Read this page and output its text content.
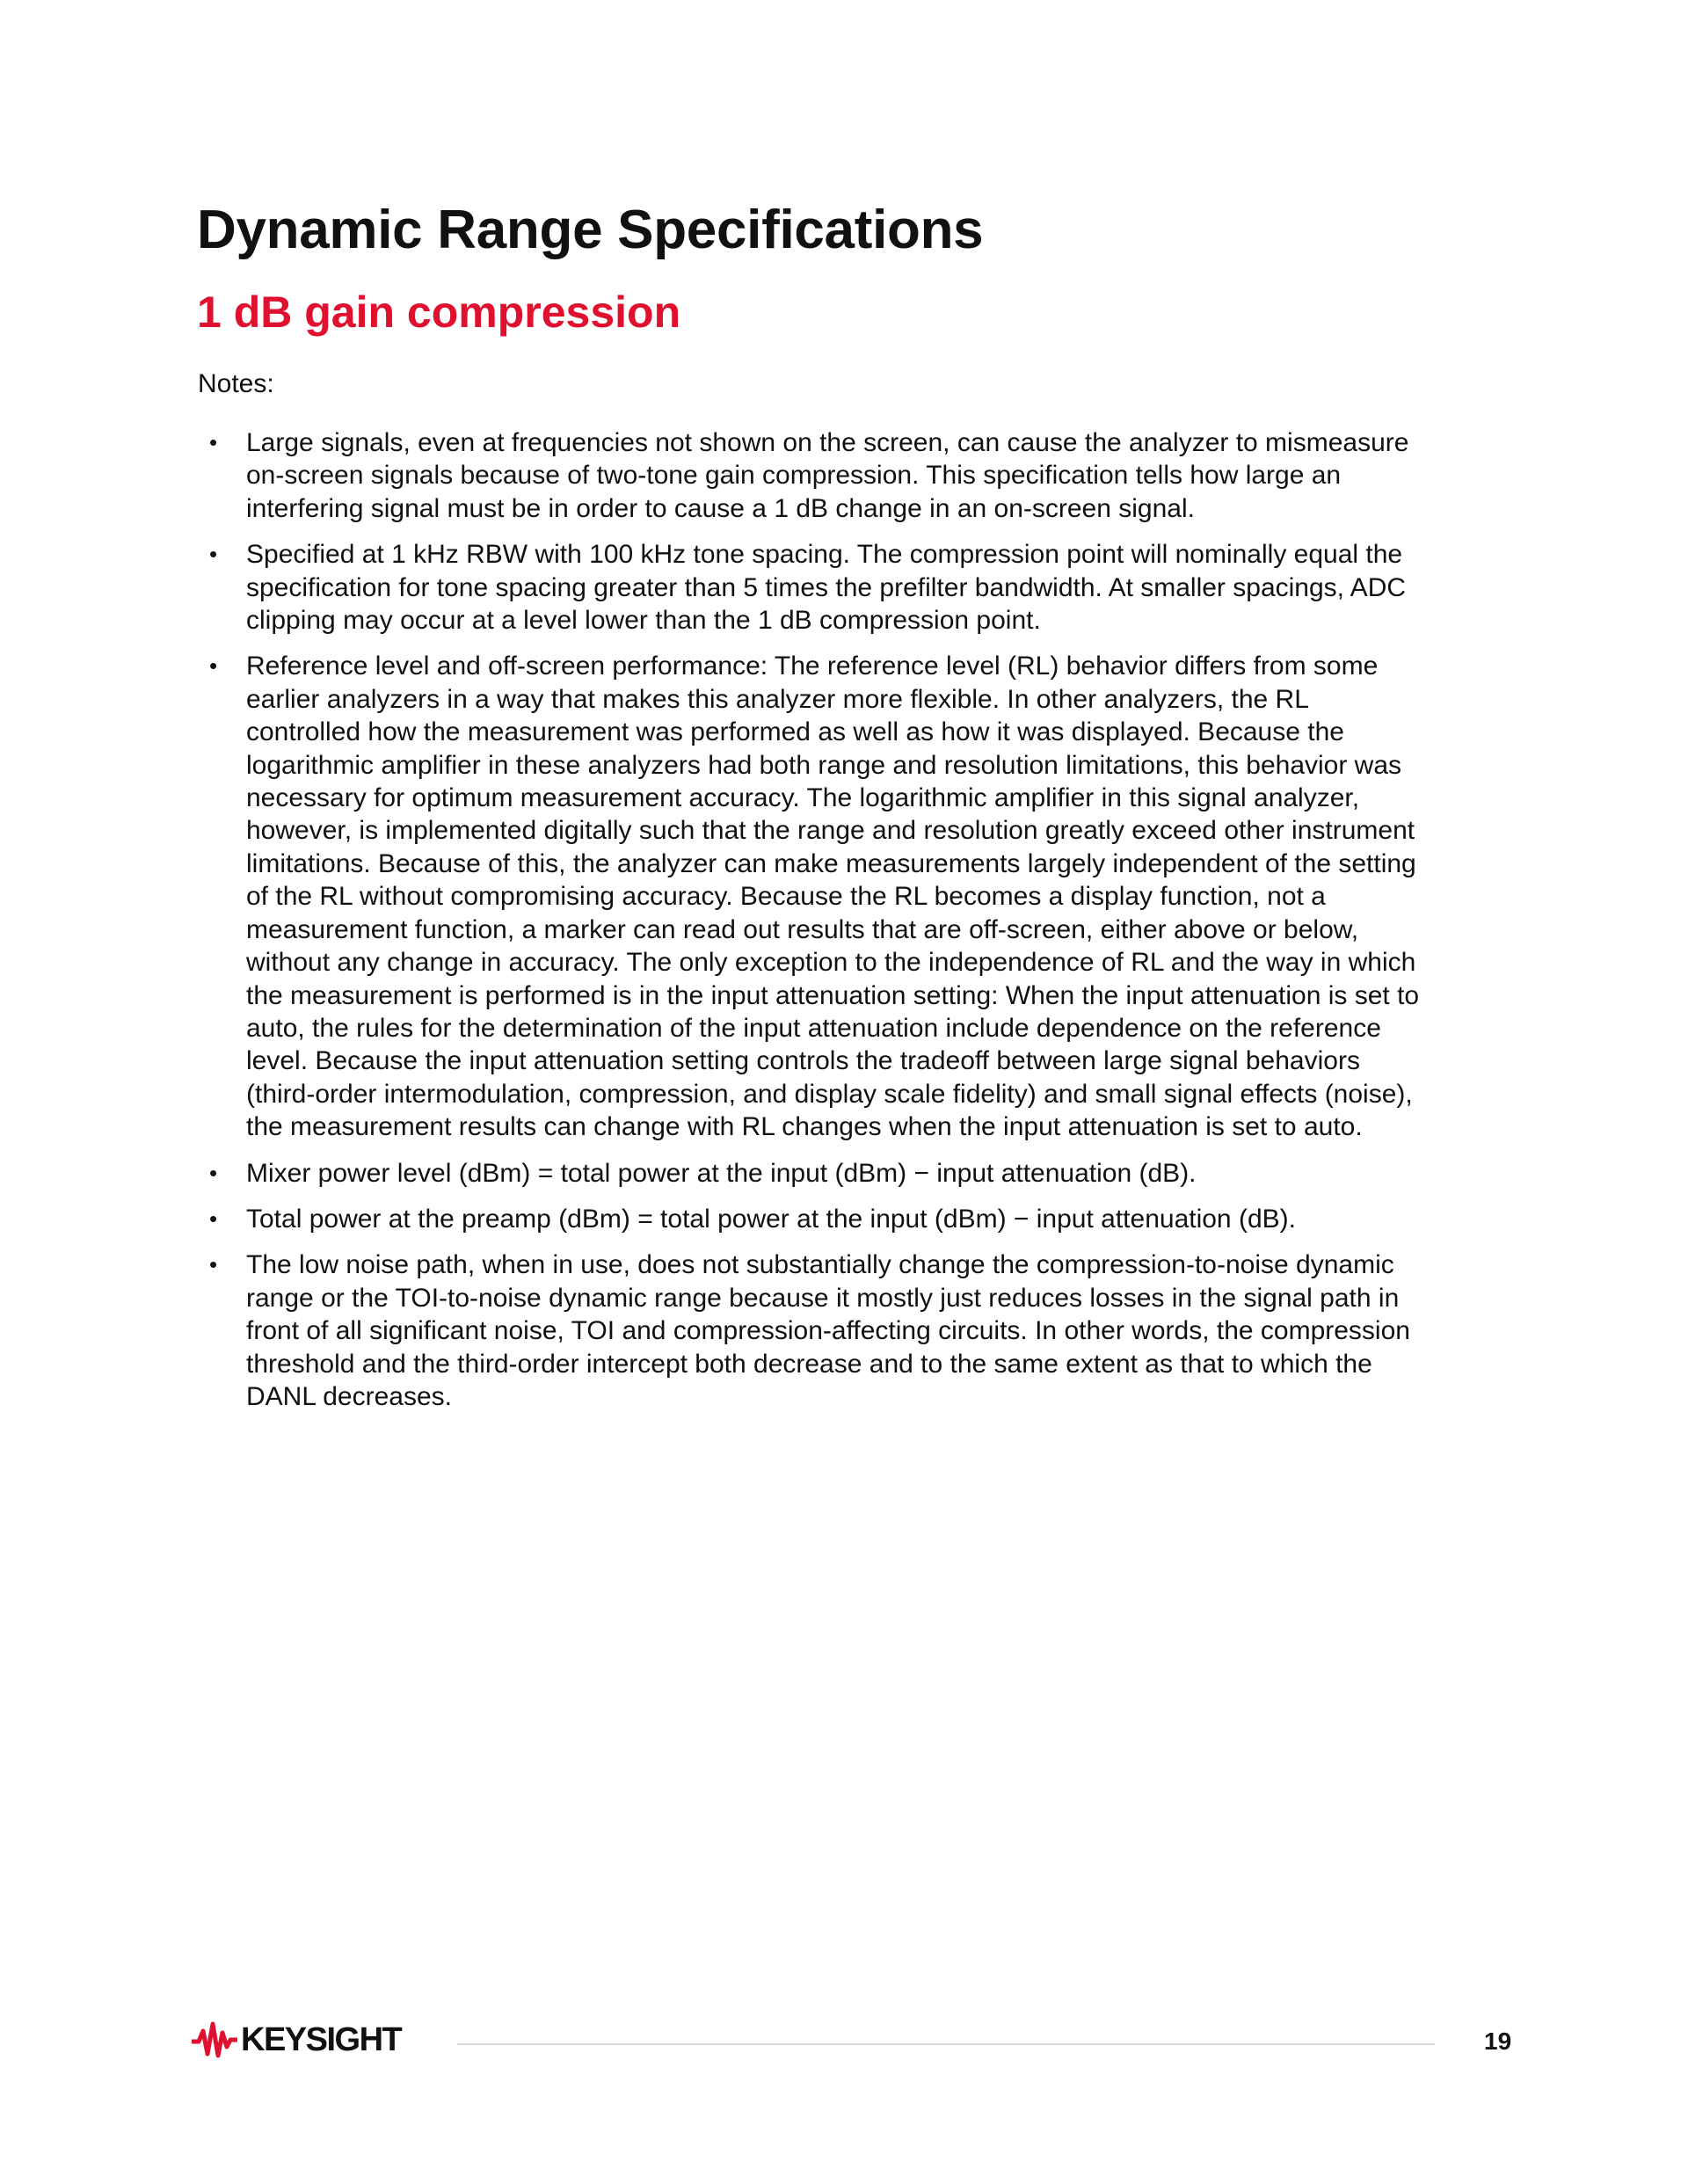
Dynamic Range Specifications
1 dB gain compression
Notes:
• Large signals, even at frequencies not shown on the screen, can cause the analyzer to mismeasure
on-screen signals because of two-tone gain compression. This specification tells how large an
interfering signal must be in order to cause a 1 dB change in an on-screen signal.
• Specified at 1 kHz RBW with 100 kHz tone spacing. The compression point will nominally equal the
specification for tone spacing greater than 5 times the prefilter bandwidth. At smaller spacings, ADC
clipping may occur at a level lower than the 1 dB compression point.
• Reference level and off-screen performance: The reference level (RL) behavior differs from some
earlier analyzers in a way that makes this analyzer more flexible. In other analyzers, the RL
controlled how the measurement was performed as well as how it was displayed. Because the
logarithmic amplifier in these analyzers had both range and resolution limitations, this behavior was
necessary for optimum measurement accuracy. The logarithmic amplifier in this signal analyzer,
however, is implemented digitally such that the range and resolution greatly exceed other instrument
limitations. Because of this, the analyzer can make measurements largely independent of the setting
of the RL without compromising accuracy. Because the RL becomes a display function, not a
measurement function, a marker can read out results that are off-screen, either above or below,
without any change in accuracy. The only exception to the independence of RL and the way in which
the measurement is performed is in the input attenuation setting: When the input attenuation is set to
auto, the rules for the determination of the input attenuation include dependence on the reference
level. Because the input attenuation setting controls the tradeoff between large signal behaviors
(third-order intermodulation, compression, and display scale fidelity) and small signal effects (noise),
the measurement results can change with RL changes when the input attenuation is set to auto.
• Mixer power level (dBm) = total power at the input (dBm) − input attenuation (dB).
• Total power at the preamp (dBm) = total power at the input (dBm) − input attenuation (dB).
• The low noise path, when in use, does not substantially change the compression-to-noise dynamic
range or the TOI-to-noise dynamic range because it mostly just reduces losses in the signal path in
front of all significant noise, TOI and compression-affecting circuits. In other words, the compression
threshold and the third-order intercept both decrease and to the same extent as that to which the
DANL decreases.
KEYSIGHT	19
